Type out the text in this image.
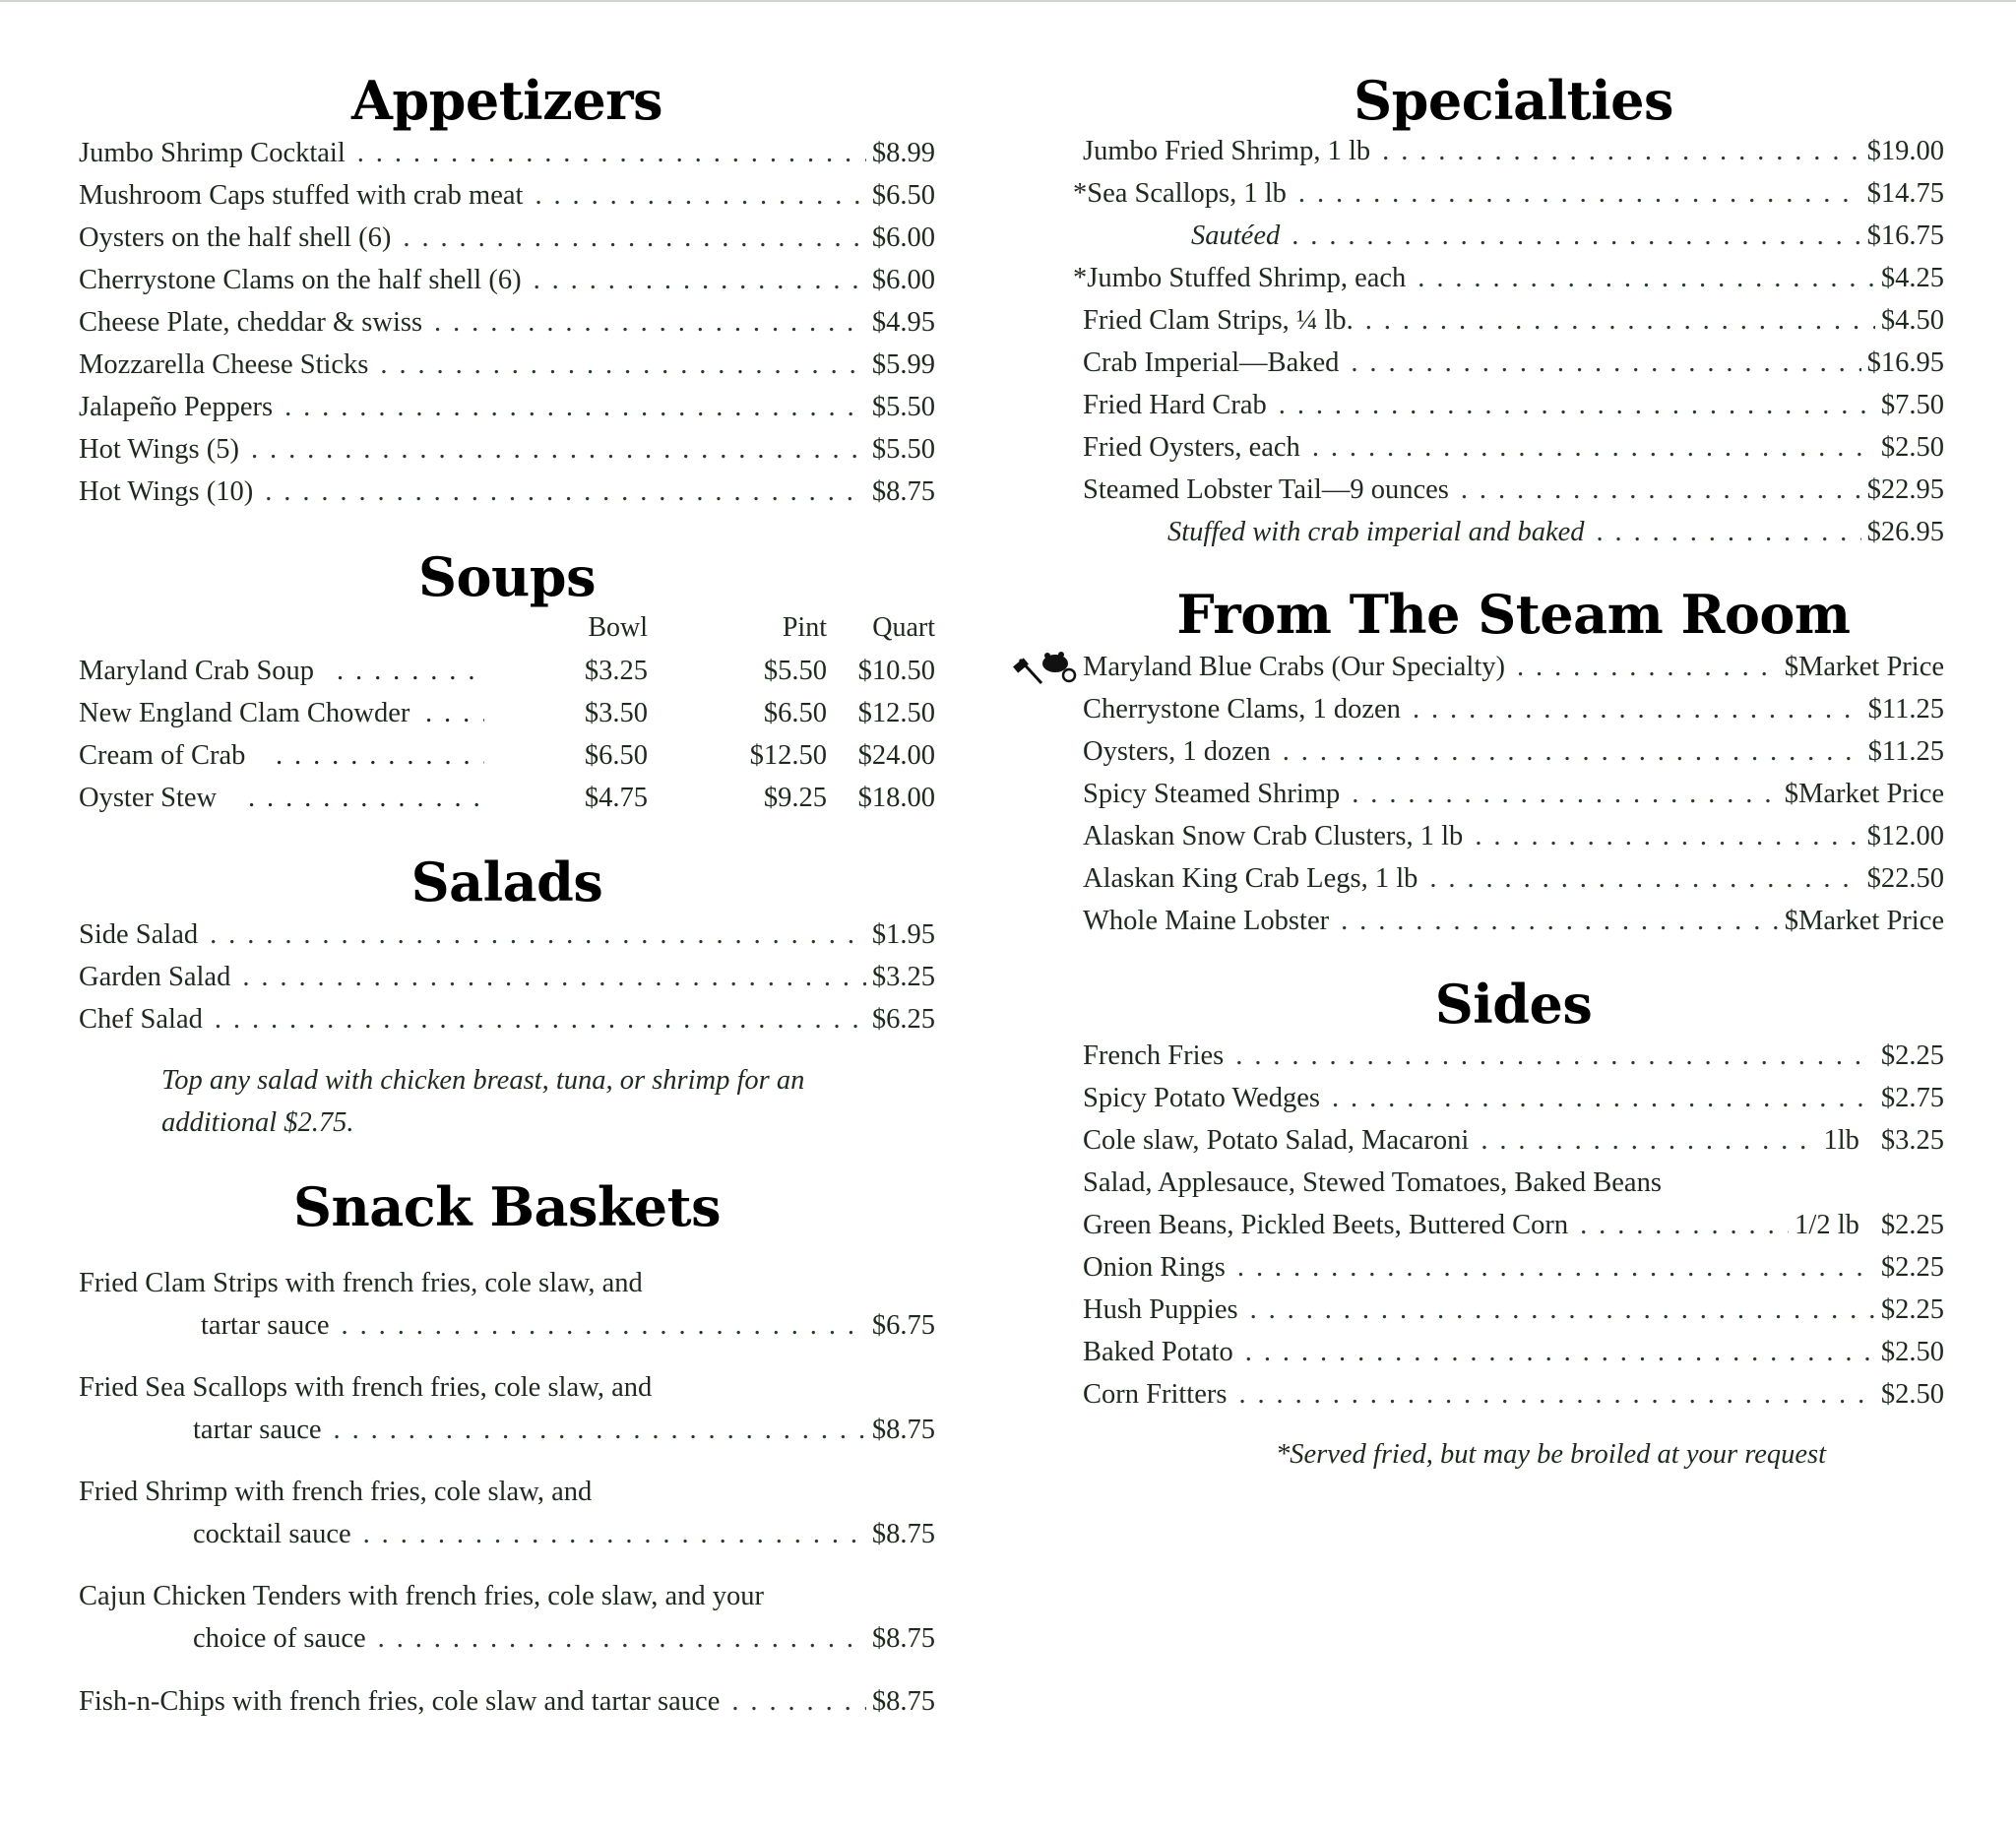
Appetizers
Jumbo Shrimp Cocktail . . .	$8.99
Mushroom Caps stuffed with crab meat . . .	$6.50
Oysters on the half shell (6) . . .	$6.00
Cherrystone Clams on the half shell (6) . . .	$6.00
Cheese Plate, cheddar & swiss . . .	$4.95
Mozzarella Cheese Sticks . . .	$5.99
Jalapeño Peppers . . .	$5.50
Hot Wings (5) . . .	$5.50
Hot Wings (10) . . .	$8.75
Soups
Bowl	Pint	Quart
Maryland Crab Soup . . .	$3.25	$5.50	$10.50
New England Clam Chowder . . .	$3.50	$6.50	$12.50
Cream of Crab . . .	$6.50	$12.50	$24.00
Oyster Stew . . .	$4.75	$9.25	$18.00
Salads
Side Salad . . .	$1.95
Garden Salad . . .	$3.25
Chef Salad . . .	$6.25
Top any salad with chicken breast, tuna, or shrimp for an
additional $2.75.
Snack Baskets
Fried Clam Strips with french fries, cole slaw, and
tartar sauce . . .	$6.75
Fried Sea Scallops with french fries, cole slaw, and
tartar sauce . . .	$8.75
Fried Shrimp with french fries, cole slaw, and
cocktail sauce . . .	$8.75
Cajun Chicken Tenders with french fries, cole slaw, and your
choice of sauce . . .	$8.75
Fish-n-Chips with french fries, cole slaw and tartar sauce . . .	$8.75
Specialties
Jumbo Fried Shrimp, 1 lb . . .	$19.00
*Sea Scallops, 1 lb . . .	$14.75
Sautéed . . .	$16.75
*Jumbo Stuffed Shrimp, each . . .	$4.25
Fried Clam Strips, ¼ lb. . . .	$4.50
Crab Imperial—Baked . . .	$16.95
Fried Hard Crab . . .	$7.50
Fried Oysters, each . . .	$2.50
Steamed Lobster Tail—9 ounces . . .	$22.95
Stuffed with crab imperial and baked . . .	$26.95
From The Steam Room
Maryland Blue Crabs (Our Specialty) . . .	$Market Price
Cherrystone Clams, 1 dozen . . .	$11.25
Oysters, 1 dozen . . .	$11.25
Spicy Steamed Shrimp . . .	$Market Price
Alaskan Snow Crab Clusters, 1 lb . . .	$12.00
Alaskan King Crab Legs, 1 lb . . .	$22.50
Whole Maine Lobster . . .	$Market Price
Sides
French Fries . . .	$2.25
Spicy Potato Wedges . . .	$2.75
Cole slaw, Potato Salad, Macaroni . . .	1lb $3.25
Salad, Applesauce, Stewed Tomatoes, Baked Beans
Green Beans, Pickled Beets, Buttered Corn . . .	1/2 lb $2.25
Onion Rings . . .	$2.25
Hush Puppies . . .	$2.25
Baked Potato . . .	$2.50
Corn Fritters . . .	$2.50
*Served fried, but may be broiled at your request
